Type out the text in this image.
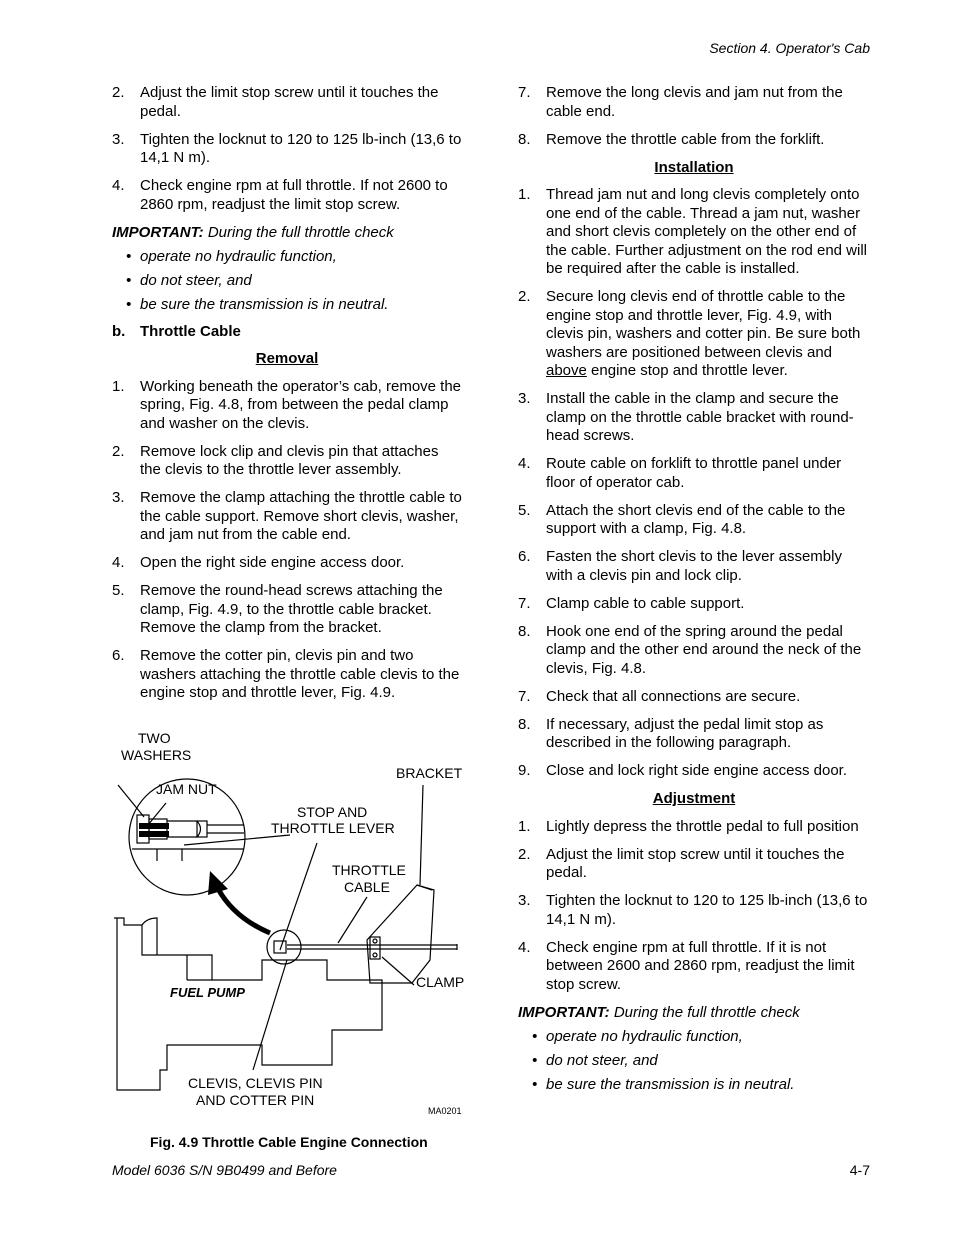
Section 4. Operator's Cab
2.	Adjust the limit stop screw until it touches the pedal.
3.	Tighten the locknut to 120 to 125 lb-inch (13,6 to 14,1 N m).
4.	Check engine rpm at full throttle. If not 2600 to 2860 rpm, readjust the limit stop screw.
IMPORTANT: During the full throttle check
• operate no hydraulic function,
• do not steer, and
• be sure the transmission is in neutral.
b. Throttle Cable
Removal
1.	Working beneath the operator’s cab, remove the spring, Fig. 4.8, from between the pedal clamp and washer on the clevis.
2.	Remove lock clip and clevis pin that attaches the clevis to the throttle lever assembly.
3.	Remove the clamp attaching the throttle cable to the cable support. Remove short clevis, washer, and jam nut from the cable end.
4.	Open the right side engine access door.
5.	Remove the round-head screws attaching the clamp, Fig. 4.9, to the throttle cable bracket. Remove the clamp from the bracket.
6.	Remove the cotter pin, clevis pin and two washers attaching the throttle cable clevis to the engine stop and throttle lever, Fig. 4.9.
TWO
WASHERS
JAM NUT
BRACKET
STOP AND
THROTTLE LEVER
THROTTLE
CABLE
CLAMP
FUEL PUMP
CLEVIS, CLEVIS PIN
AND COTTER PIN
MA0201
Fig. 4.9 Throttle Cable Engine Connection
7.	Remove the long clevis and jam nut from the cable end.
8.	Remove the throttle cable from the forklift.
Installation
1.	Thread jam nut and long clevis completely onto one end of the cable. Thread a jam nut, washer and short clevis completely on the other end of the cable. Further adjustment on the rod end will be required after the cable is installed.
2.	Secure long clevis end of throttle cable to the engine stop and throttle lever, Fig. 4.9, with clevis pin, washers and cotter pin. Be sure both washers are positioned between clevis and above engine stop and throttle lever.
3.	Install the cable in the clamp and secure the clamp on the throttle cable bracket with round-head screws.
4.	Route cable on forklift to throttle panel under floor of operator cab.
5.	Attach the short clevis end of the cable to the support with a clamp, Fig. 4.8.
6.	Fasten the short clevis to the lever assembly with a clevis pin and lock clip.
7.	Clamp cable to cable support.
8.	Hook one end of the spring around the pedal clamp and the other end around the neck of the clevis, Fig. 4.8.
7.	Check that all connections are secure.
8.	If necessary, adjust the pedal limit stop as described in the following paragraph.
9.	Close and lock right side engine access door.
Adjustment
1.	Lightly depress the throttle pedal to full position
2.	Adjust the limit stop screw until it touches the pedal.
3.	Tighten the locknut to 120 to 125 lb-inch (13,6 to 14,1 N m).
4.	Check engine rpm at full throttle. If it is not between 2600 and 2860 rpm, readjust the limit stop screw.
IMPORTANT: During the full throttle check
• operate no hydraulic function,
• do not steer, and
• be sure the transmission is in neutral.
Model 6036 S/N 9B0499 and Before	4-7
